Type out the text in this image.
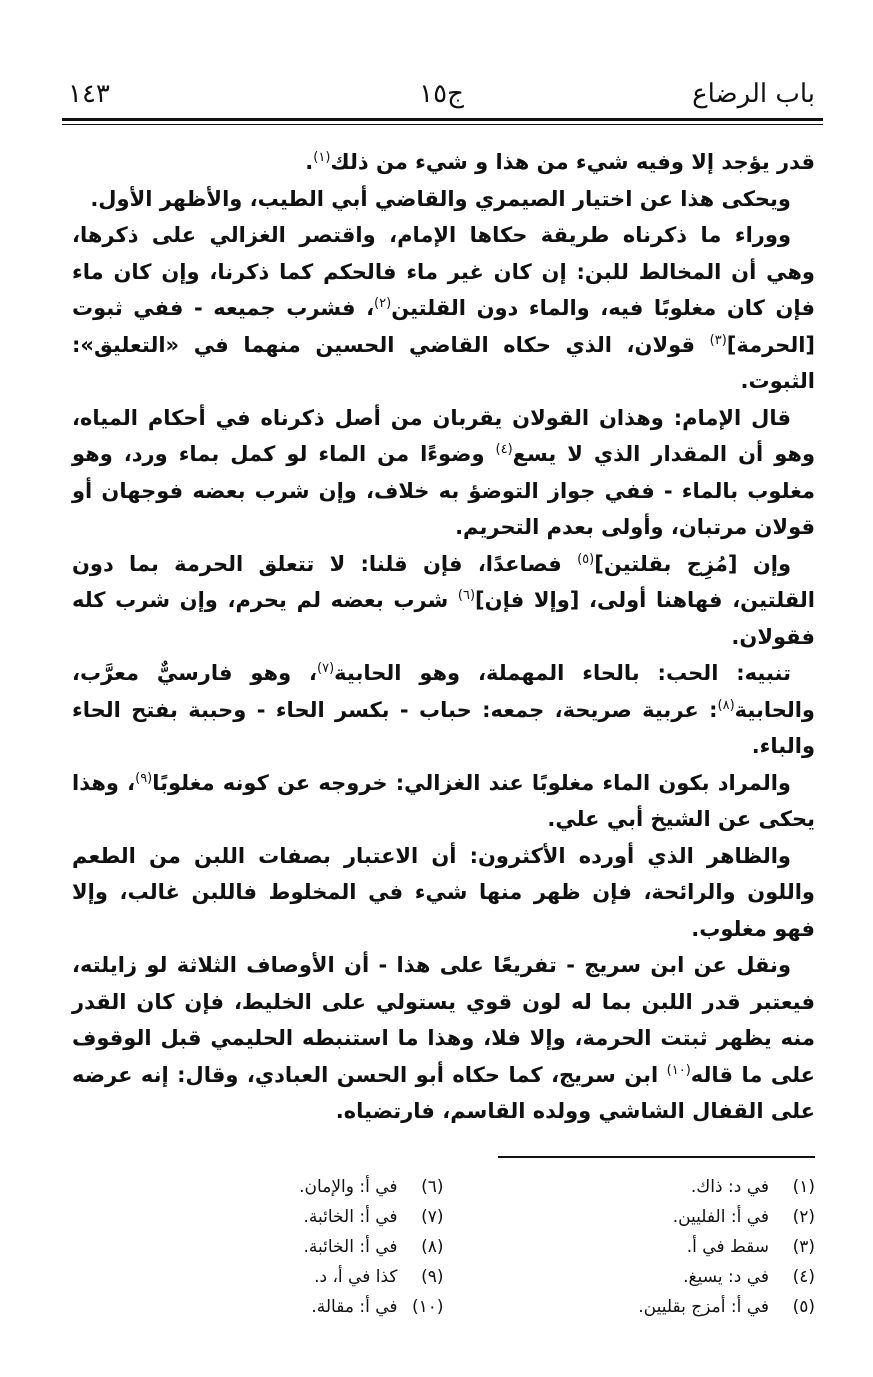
باب الرضاع
ج١٥
١٤٣

قدر يؤجد إلا وفيه شيء من هذا و شيء من ذلك$^{(١)}$.

ويحكى هذا عن اختيار الصيمري والقاضي أبي الطيب، والأظهر الأول.

ووراء ما ذكرناه طريقة حكاها الإمام، واقتصر الغزالي على ذكرها، وهي أن المخالط للبن: إن كان غير ماء فالحكم كما ذكرنا، وإن كان ماء فإن كان مغلوبًا فيه، والماء دون القلتين$^{(٢)}$، فشرب جميعه - ففي ثبوت [الحرمة]$^{(٣)}$ قولان، الذي حكاه القاضي الحسين منهما في «التعليق»: الثبوت.

قال الإمام: وهذان القولان يقربان من أصل ذكرناه في أحكام المياه، وهو أن المقدار الذي لا يسع$^{(٤)}$ وضوءًا من الماء لو كمل بماء ورد، وهو مغلوب بالماء - ففي جواز التوضؤ به خلاف، وإن شرب بعضه فوجهان أو قولان مرتبان، وأولى بعدم التحريم.

وإن [مُزِج بقلتين]$^{(٥)}$ فصاعدًا، فإن قلنا: لا تتعلق الحرمة بما دون القلتين، فهاهنا أولى، [وإلا فإن]$^{(٦)}$ شرب بعضه لم يحرم، وإن شرب كله فقولان.

تنبيه: الحب: بالحاء المهملة، وهو الحابية$^{(٧)}$، وهو فارسيٌّ معرَّب، والحابية$^{(٨)}$: عربية صريحة، جمعه: حباب - بكسر الحاء - وحببة بفتح الحاء والباء.

والمراد بكون الماء مغلوبًا عند الغزالي: خروجه عن كونه مغلوبًا$^{(٩)}$، وهذا يحكى عن الشيخ أبي علي.

والظاهر الذي أورده الأكثرون: أن الاعتبار بصفات اللبن من الطعم واللون والرائحة، فإن ظهر منها شيء في المخلوط فاللبن غالب، وإلا فهو مغلوب.

ونقل عن ابن سريج - تفريعًا على هذا - أن الأوصاف الثلاثة لو زايلته، فيعتبر قدر اللبن بما له لون قوي يستولي على الخليط، فإن كان القدر منه يظهر ثبتت الحرمة، وإلا فلا، وهذا ما استنبطه الحليمي قبل الوقوف على ما قاله$^{(١٠)}$ ابن سريج، كما حكاه أبو الحسن العبادي، وقال: إنه عرضه على القفال الشاشي وولده القاسم، فارتضياه.

(١)في د: ذاك.
(٢)في أ: الفليين.
(٣)سقط في أ.
(٤)في د: يسيغ.
(٥)في أ: أمزج بقليين.
(٦)في أ: والإمان.
(٧)في أ: الخائبة.
(٨)في أ: الخائبة.
(٩)كذا في أ، د.
(١٠)في أ: مقالة.
